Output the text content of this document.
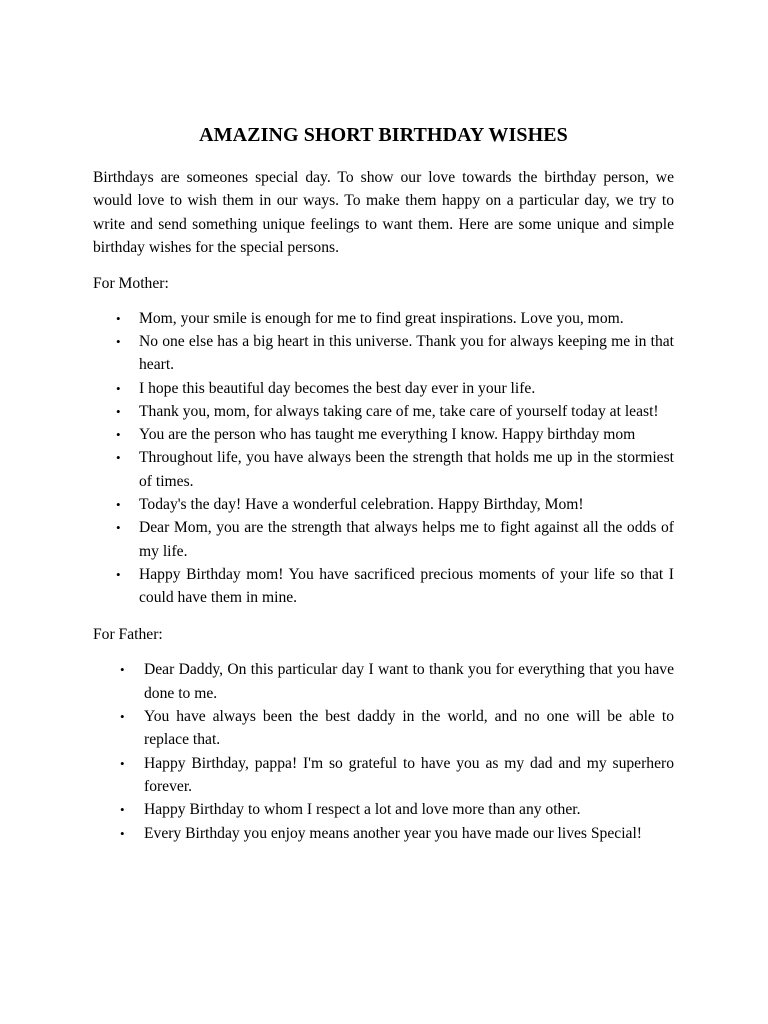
AMAZING SHORT BIRTHDAY WISHES

Birthdays are someones special day. To show our love towards the birthday person, we would love to wish them in our ways. To make them happy on a particular day, we try to write and send something unique feelings to want them. Here are some unique and simple birthday wishes for the special persons.

For Mother:

• Mom, your smile is enough for me to find great inspirations. Love you, mom.
• No one else has a big heart in this universe. Thank you for always keeping me in that heart.
• I hope this beautiful day becomes the best day ever in your life.
• Thank you, mom, for always taking care of me, take care of yourself today at least!
• You are the person who has taught me everything I know. Happy birthday mom
• Throughout life, you have always been the strength that holds me up in the stormiest of times.
• Today's the day! Have a wonderful celebration. Happy Birthday, Mom!
• Dear Mom, you are the strength that always helps me to fight against all the odds of my life.
• Happy Birthday mom! You have sacrificed precious moments of your life so that I could have them in mine.

For Father:

• Dear Daddy, On this particular day I want to thank you for everything that you have done to me.
• You have always been the best daddy in the world, and no one will be able to replace that.
• Happy Birthday, pappa! I'm so grateful to have you as my dad and my superhero forever.
• Happy Birthday to whom I respect a lot and love more than any other.
• Every Birthday you enjoy means another year you have made our lives Special!
